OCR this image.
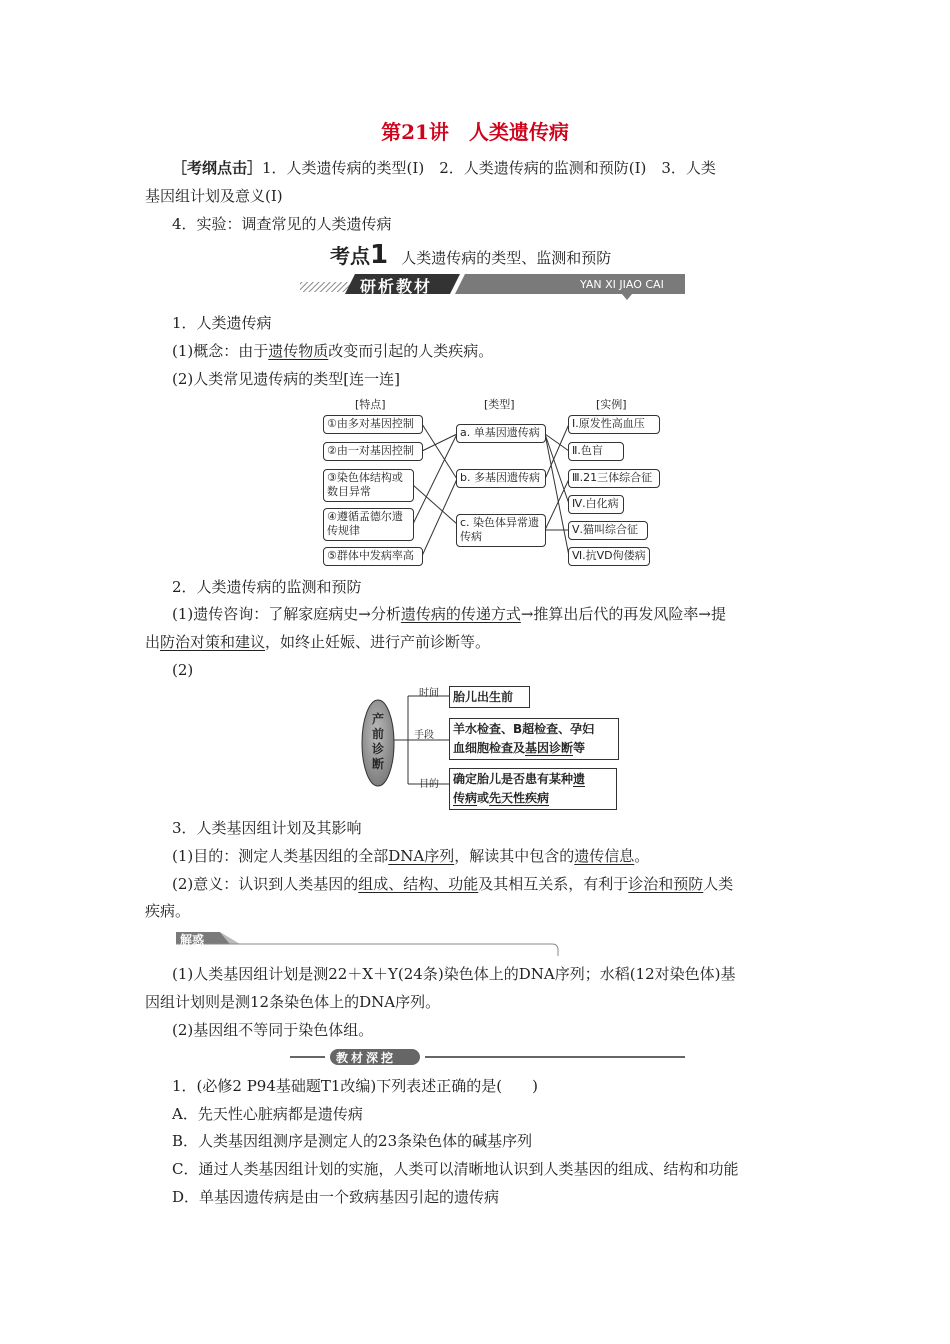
第21讲　人类遗传病
［考纲点击］1．人类遗传病的类型(Ⅰ)　2．人类遗传病的监测和预防(Ⅰ)　3．人类
基因组计划及意义(Ⅰ)
4．实验：调查常见的人类遗传病
考点1 人类遗传病的类型、监测和预防
研析教材	YAN XI JIAO CAI
1．人类遗传病
(1)概念：由于遗传物质改变而引起的人类疾病。
(2)人类常见遗传病的类型[连一连]
[特点]	[类型]	[实例]
①由多对基因控制
②由一对基因控制
③染色体结构或数目异常
④遵循孟德尔遗传规律
⑤群体中发病率高
a. 单基因遗传病
b. 多基因遗传病
c. 染色体异常遗传病
Ⅰ.原发性高血压
Ⅱ.色盲
Ⅲ.21三体综合征
Ⅳ.白化病
Ⅴ.猫叫综合征
Ⅵ.抗VD佝偻病
2．人类遗传病的监测和预防
(1)遗传咨询：了解家庭病史→分析遗传病的传递方式→推算出后代的再发风险率→提
出防治对策和建议，如终止妊娠、进行产前诊断等。
(2)
产前诊断
时间
手段
目的
胎儿出生前
羊水检查、B超检查、孕妇
血细胞检查及基因诊断等
确定胎儿是否患有某种遗
传病或先天性疾病
3．人类基因组计划及其影响
(1)目的：测定人类基因组的全部DNA序列，解读其中包含的遗传信息。
(2)意义：认识到人类基因的组成、结构、功能及其相互关系，有利于诊治和预防人类
疾病。
解惑
(1)人类基因组计划是测22＋X＋Y(24条)染色体上的DNA序列；水稻(12对染色体)基
因组计划则是测12条染色体上的DNA序列。
(2)基因组不等同于染色体组。
教材深挖
1．(必修2 P94基础题T1改编)下列表述正确的是(　　)
A．先天性心脏病都是遗传病
B．人类基因组测序是测定人的23条染色体的碱基序列
C．通过人类基因组计划的实施，人类可以清晰地认识到人类基因的组成、结构和功能
D．单基因遗传病是由一个致病基因引起的遗传病
